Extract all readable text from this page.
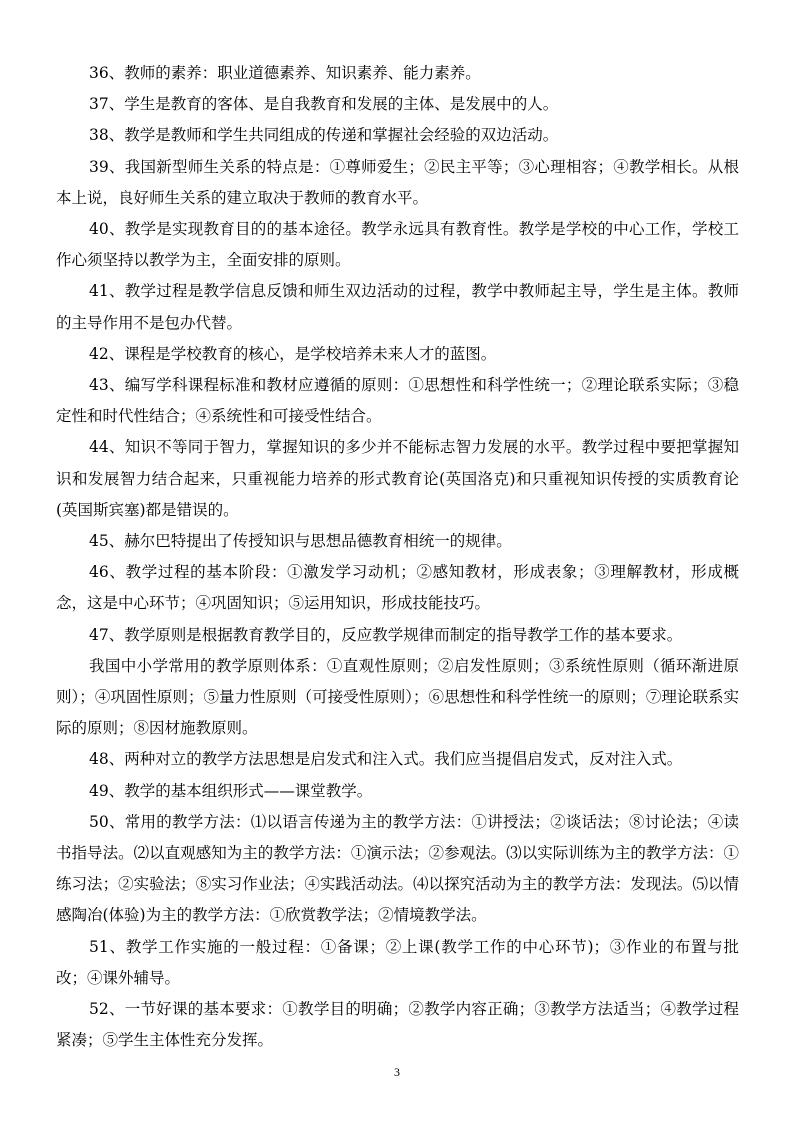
36、教师的素养：职业道德素养、知识素养、能力素养。

37、学生是教育的客体、是自我教育和发展的主体、是发展中的人。

38、教学是教师和学生共同组成的传递和掌握社会经验的双边活动。

39、我国新型师生关系的特点是：①尊师爱生；②民主平等；③心理相容；④教学相长。从根本上说，良好师生关系的建立取决于教师的教育水平。

40、教学是实现教育目的的基本途径。教学永远具有教育性。教学是学校的中心工作，学校工作心须坚持以教学为主，全面安排的原则。

41、教学过程是教学信息反馈和师生双边活动的过程，教学中教师起主导，学生是主体。教师的主导作用不是包办代替。

42、课程是学校教育的核心，是学校培养未来人才的蓝图。

43、编写学科课程标准和教材应遵循的原则：①思想性和科学性统一；②理论联系实际；③稳定性和时代性结合；④系统性和可接受性结合。

44、知识不等同于智力，掌握知识的多少并不能标志智力发展的水平。教学过程中要把掌握知识和发展智力结合起来，只重视能力培养的形式教育论(英国洛克)和只重视知识传授的实质教育论(英国斯宾塞)都是错误的。

45、赫尔巴特提出了传授知识与思想品德教育相统一的规律。

46、教学过程的基本阶段：①激发学习动机；②感知教材，形成表象；③理解教材，形成概念，这是中心环节；④巩固知识；⑤运用知识，形成技能技巧。

47、教学原则是根据教育教学目的，反应教学规律而制定的指导教学工作的基本要求。

我国中小学常用的教学原则体系：①直观性原则；②启发性原则；③系统性原则（循环渐进原则）；④巩固性原则；⑤量力性原则（可接受性原则）；⑥思想性和科学性统一的原则；⑦理论联系实际的原则；⑧因材施教原则。

48、两种对立的教学方法思想是启发式和注入式。我们应当提倡启发式，反对注入式。

49、教学的基本组织形式——课堂教学。

50、常用的教学方法：⑴以语言传递为主的教学方法：①讲授法；②谈话法；⑧讨论法；④读书指导法。⑵以直观感知为主的教学方法：①演示法；②参观法。⑶以实际训练为主的教学方法：①练习法；②实验法；⑧实习作业法；④实践活动法。⑷以探究活动为主的教学方法：发现法。⑸以情感陶冶(体验)为主的教学方法：①欣赏教学法；②情境教学法。

51、教学工作实施的一般过程：①备课；②上课(教学工作的中心环节)；③作业的布置与批改；④课外辅导。

52、一节好课的基本要求：①教学目的明确；②教学内容正确；③教学方法适当；④教学过程紧凑；⑤学生主体性充分发挥。

3
